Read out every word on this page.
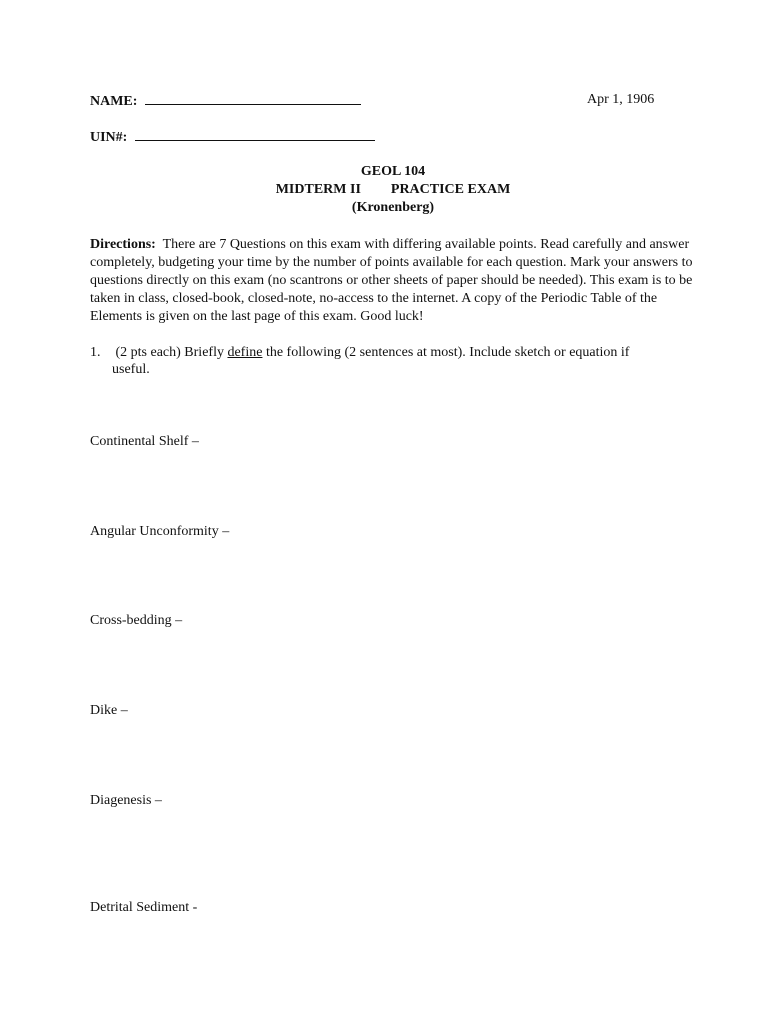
NAME:	Apr 1, 1906
UIN#:
GEOL 104
MIDTERM II PRACTICE EXAM
(Kronenberg)
Directions: There are 7 Questions on this exam with differing available points. Read carefully and answer completely, budgeting your time by the number of points available for each question. Mark your answers to questions directly on this exam (no scantrons or other sheets of paper should be needed). This exam is to be taken in class, closed-book, closed-note, no-access to the internet. A copy of the Periodic Table of the Elements is given on the last page of this exam. Good luck!
1. (2 pts each) Briefly define the following (2 sentences at most). Include sketch or equation if
useful.
Continental Shelf –
Angular Unconformity –
Cross-bedding –
Dike –
Diagenesis –
Detrital Sediment -
